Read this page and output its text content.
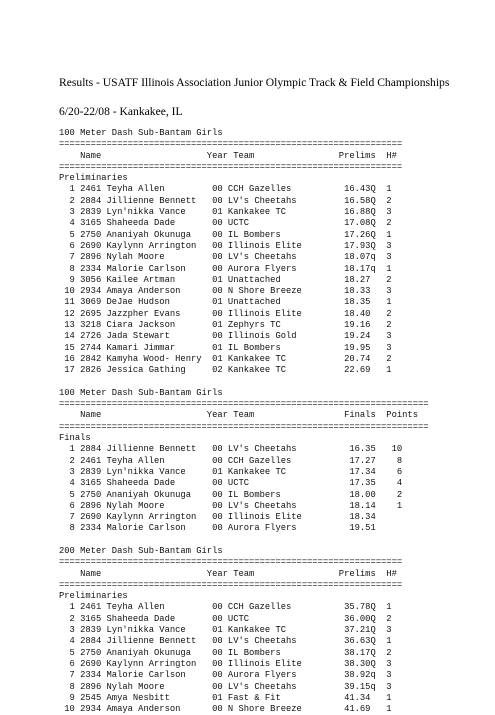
Results - USATF Illinois Association Junior Olympic Track & Field Championships
6/20-22/08 - Kankakee, IL
100 Meter Dash Sub-Bantam Girls
=================================================================
Name                    Year Team                Prelims  H#
=================================================================
Preliminaries
1 2461 Teyha Allen         00 CCH Gazelles          16.43Q  1
2 2884 Jillienne Bennett   00 LV's Cheetahs         16.58Q  2
3 2839 Lyn'nikka Vance     01 Kankakee TC           16.88Q  3
4 3165 Shaheeda Dade       00 UCTC                  17.08Q  2
5 2750 Ananiyah Okunuga    00 IL Bombers            17.26Q  1
6 2690 Kaylynn Arrington   00 Illinois Elite        17.93Q  3
7 2896 Nylah Moore         00 LV's Cheetahs         18.07q  3
8 2334 Malorie Carlson     00 Aurora Flyers         18.17q  1
9 3056 Kailee Artman       01 Unattached            18.27   2
10 2934 Amaya Anderson      00 N Shore Breeze        18.33   3
11 3069 DeJae Hudson        01 Unattached            18.35   1
12 2695 Jazzpher Evans      00 Illinois Elite        18.40   2
13 3218 Ciara Jackson       01 Zephyrs TC            19.16   2
14 2726 Jada Stewart        00 Illinois Gold         19.24   3
15 2744 Kamari Jimmar       01 IL Bombers            19.95   3
16 2842 Kamyha Wood- Henry  01 Kankakee TC           20.74   2
17 2826 Jessica Gathing     02 Kankakee TC           22.69   1
100 Meter Dash Sub-Bantam Girls
======================================================================
Name                    Year Team                 Finals  Points
======================================================================
Finals
1 2884 Jillienne Bennett   00 LV's Cheetahs          16.35   10
2 2461 Teyha Allen         00 CCH Gazelles           17.27    8
3 2839 Lyn'nikka Vance     01 Kankakee TC            17.34    6
4 3165 Shaheeda Dade       00 UCTC                   17.35    4
5 2750 Ananiyah Okunuga    00 IL Bombers             18.00    2
6 2896 Nylah Moore         00 LV's Cheetahs          18.14    1
7 2690 Kaylynn Arrington   00 Illinois Elite         18.34
8 2334 Malorie Carlson     00 Aurora Flyers          19.51
200 Meter Dash Sub-Bantam Girls
=================================================================
Name                    Year Team                Prelims  H#
=================================================================
Preliminaries
1 2461 Teyha Allen         00 CCH Gazelles          35.78Q  1
2 3165 Shaheeda Dade       00 UCTC                  36.00Q  2
3 2839 Lyn'nikka Vance     01 Kankakee TC           37.21Q  3
4 2884 Jillienne Bennett   00 LV's Cheetahs         36.63Q  1
5 2750 Ananiyah Okunuga    00 IL Bombers            38.17Q  2
6 2690 Kaylynn Arrington   00 Illinois Elite        38.30Q  3
7 2334 Malorie Carlson     00 Aurora Flyers         38.92q  3
8 2896 Nylah Moore         00 LV's Cheetahs         39.15q  3
9 2545 Amya Nesbitt        01 Fast & Fit            41.34   1
10 2934 Amaya Anderson      00 N Shore Breeze        41.69   1
